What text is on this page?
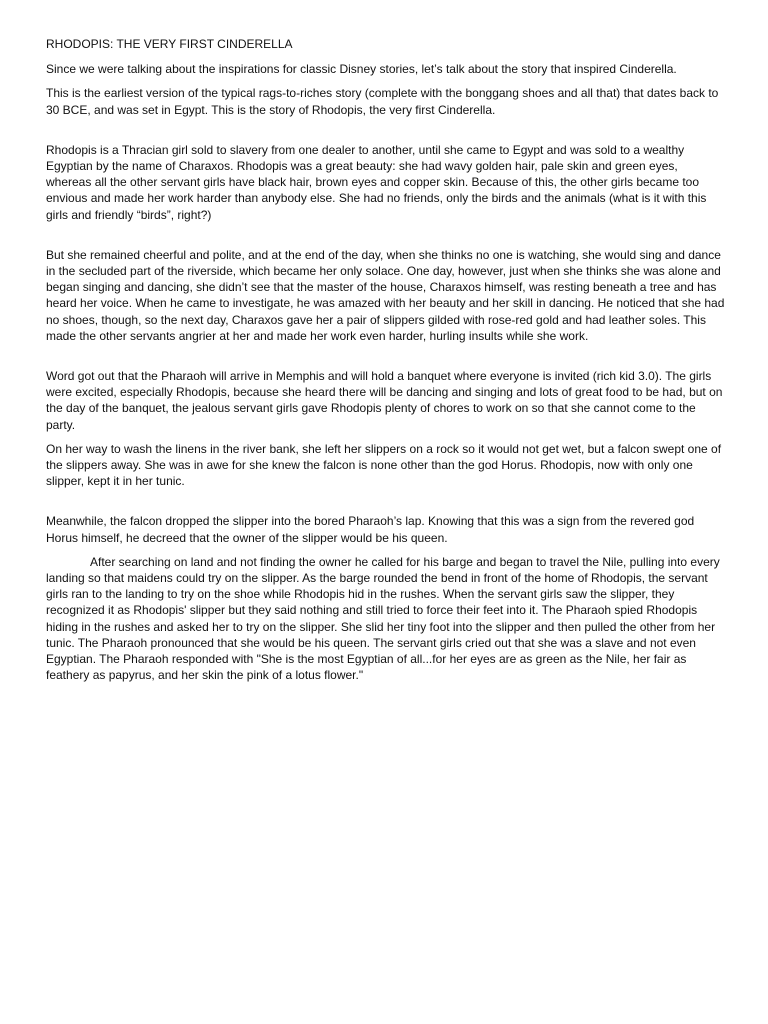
RHODOPIS: THE VERY FIRST CINDERELLA

Since we were talking about the inspirations for classic Disney stories, let’s talk about the story that inspired Cinderella.

This is the earliest version of the typical rags-to-riches story (complete with the bonggang shoes and all that) that dates back to 30 BCE, and was set in Egypt. This is the story of Rhodopis, the very first Cinderella.

Rhodopis is a Thracian girl sold to slavery from one dealer to another, until she came to Egypt and was sold to a wealthy Egyptian by the name of Charaxos. Rhodopis was a great beauty: she had wavy golden hair, pale skin and green eyes, whereas all the other servant girls have black hair, brown eyes and copper skin. Because of this, the other girls became too envious and made her work harder than anybody else. She had no friends, only the birds and the animals (what is it with this girls and friendly “birds”, right?)

But she remained cheerful and polite, and at the end of the day, when she thinks no one is watching, she would sing and dance in the secluded part of the riverside, which became her only solace. One day, however, just when she thinks she was alone and began singing and dancing, she didn’t see that the master of the house, Charaxos himself, was resting beneath a tree and has heard her voice. When he came to investigate, he was amazed with her beauty and her skill in dancing. He noticed that she had no shoes, though, so the next day, Charaxos gave her a pair of slippers gilded with rose-red gold and had leather soles. This made the other servants angrier at her and made her work even harder, hurling insults while she work.

Word got out that the Pharaoh will arrive in Memphis and will hold a banquet where everyone is invited (rich kid 3.0). The girls were excited, especially Rhodopis, because she heard there will be dancing and singing and lots of great food to be had, but on the day of the banquet, the jealous servant girls gave Rhodopis plenty of chores to work on so that she cannot come to the party.

On her way to wash the linens in the river bank, she left her slippers on a rock so it would not get wet, but a falcon swept one of the slippers away. She was in awe for she knew the falcon is none other than the god Horus. Rhodopis, now with only one slipper, kept it in her tunic.

Meanwhile, the falcon dropped the slipper into the bored Pharaoh’s lap. Knowing that this was a sign from the revered god Horus himself, he decreed that the owner of the slipper would be his queen.

After searching on land and not finding the owner he called for his barge and began to travel the Nile, pulling into every landing so that maidens could try on the slipper. As the barge rounded the bend in front of the home of Rhodopis, the servant girls ran to the landing to try on the shoe while Rhodopis hid in the rushes. When the servant girls saw the slipper, they recognized it as Rhodopis' slipper but they said nothing and still tried to force their feet into it. The Pharaoh spied Rhodopis hiding in the rushes and asked her to try on the slipper. She slid her tiny foot into the slipper and then pulled the other from her tunic. The Pharaoh pronounced that she would be his queen. The servant girls cried out that she was a slave and not even Egyptian. The Pharaoh responded with "She is the most Egyptian of all...for her eyes are as green as the Nile, her fair as feathery as papyrus, and her skin the pink of a lotus flower."
